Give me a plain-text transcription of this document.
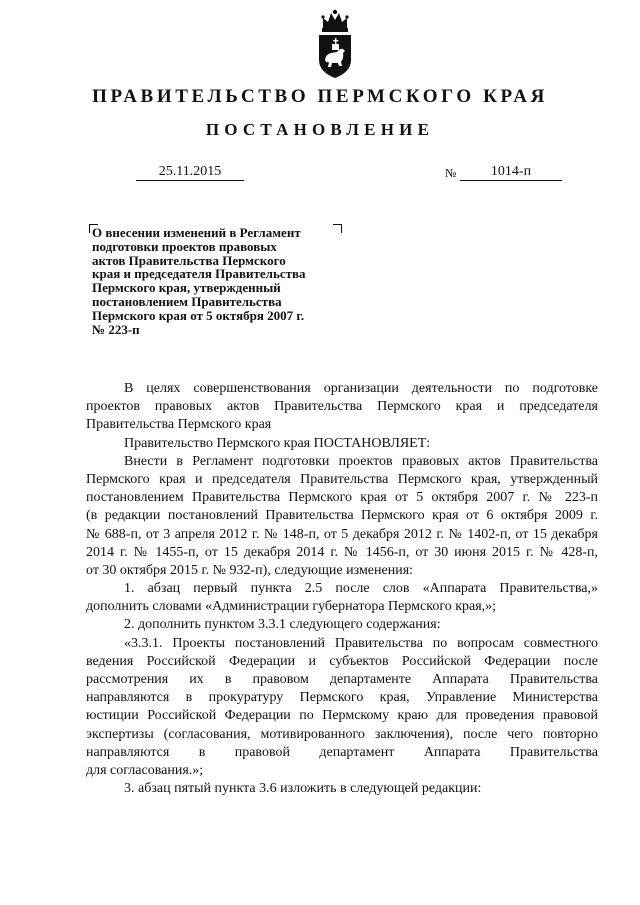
ПРАВИТЕЛЬСТВО ПЕРМСКОГО КРАЯ
ПОСТАНОВЛЕНИЕ
25.11.2015	№	1014-п
О внесении изменений в Регламент
подготовки проектов правовых
актов Правительства Пермского
края и председателя Правительства
Пермского края, утвержденный
постановлением Правительства
Пермского края от 5 октября 2007 г.
№ 223-п
В целях совершенствования организации деятельности по подготовке
проектов правовых актов Правительства Пермского края и председателя
Правительства Пермского края
Правительство Пермского края ПОСТАНОВЛЯЕТ:
Внести в Регламент подготовки проектов правовых актов Правительства
Пермского края и председателя Правительства Пермского края, утвержденный
постановлением Правительства Пермского края от 5 октября 2007 г. № 223-п
(в редакции постановлений Правительства Пермского края от 6 октября 2009 г.
№ 688-п, от 3 апреля 2012 г. № 148-п, от 5 декабря 2012 г. № 1402-п, от 15 декабря
2014 г. № 1455-п, от 15 декабря 2014 г. № 1456-п, от 30 июня 2015 г. № 428-п,
от 30 октября 2015 г. № 932-п), следующие изменения:
1. абзац первый пункта 2.5 после слов «Аппарата Правительства,»
дополнить словами «Администрации губернатора Пермского края,»;
2. дополнить пунктом 3.3.1 следующего содержания:
«3.3.1. Проекты постановлений Правительства по вопросам совместного
ведения Российской Федерации и субъектов Российской Федерации после
рассмотрения их в правовом департаменте Аппарата Правительства
направляются в прокуратуру Пермского края, Управление Министерства
юстиции Российской Федерации по Пермскому краю для проведения правовой
экспертизы (согласования, мотивированного заключения), после чего повторно
направляются в правовой департамент Аппарата Правительства
для согласования.»;
3. абзац пятый пункта 3.6 изложить в следующей редакции:
